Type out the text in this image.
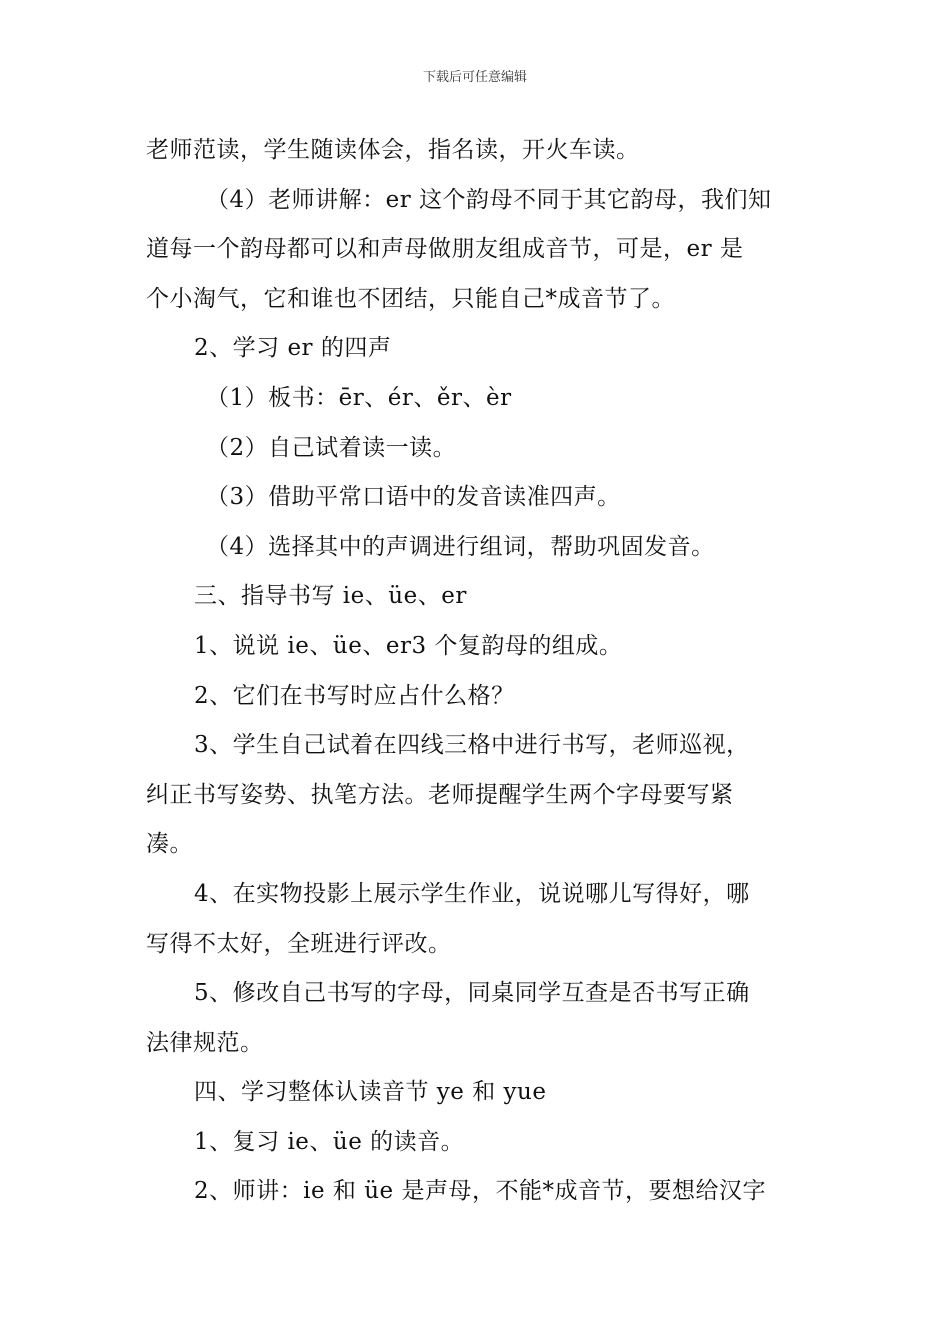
下载后可任意编辑
老师范读，学生随读体会，指名读，开火车读。
（4）老师讲解：er 这个韵母不同于其它韵母，我们知
道每一个韵母都可以和声母做朋友组成音节，可是，er 是
个小淘气，它和谁也不团结，只能自己*成音节了。
2、学习 er 的四声
（1）板书：ēr、ér、ěr、èr
（2）自己试着读一读。
（3）借助平常口语中的发音读准四声。
（4）选择其中的声调进行组词，帮助巩固发音。
三、指导书写 ie、üe、er
1、说说 ie、üe、er3 个复韵母的组成。
2、它们在书写时应占什么格？
3、学生自己试着在四线三格中进行书写，老师巡视，
纠正书写姿势、执笔方法。老师提醒学生两个字母要写紧
凑。
4、在实物投影上展示学生作业，说说哪儿写得好，哪
写得不太好，全班进行评改。
5、修改自己书写的字母，同桌同学互查是否书写正确
法律规范。
四、学习整体认读音节 ye 和 yue
1、复习 ie、üe 的读音。
2、师讲：ie 和 üe 是声母，不能*成音节，要想给汉字
